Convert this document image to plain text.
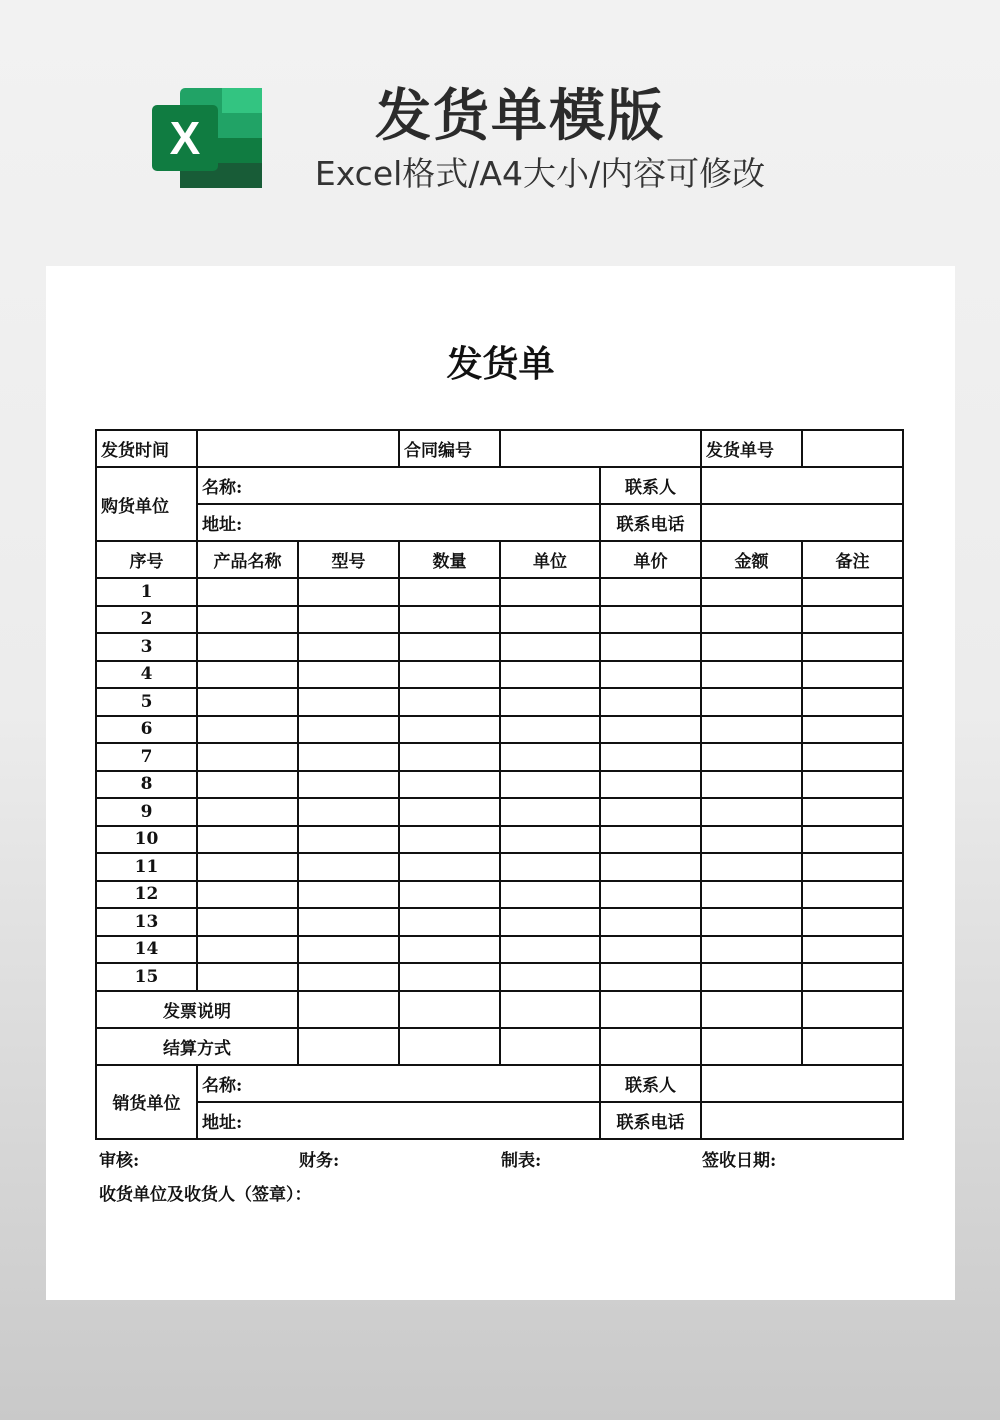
X	发货单模版
Excel格式/A4大小/内容可修改
发货单
发货时间			合同编号			发货单号	
购货单位	名称:				联系人		
	地址:				联系电话		
序号	产品名称	型号	数量	单位	单价	金额	备注
1							
2							
3							
4							
5							
6							
7							
8							
9							
10							
11							
12							
13							
14							
15							
发票说明							
结算方式							
销货单位	名称:				联系人		
	地址:				联系电话		
审核:	财务:	制表:	签收日期:
收货单位及收货人（签章）：
